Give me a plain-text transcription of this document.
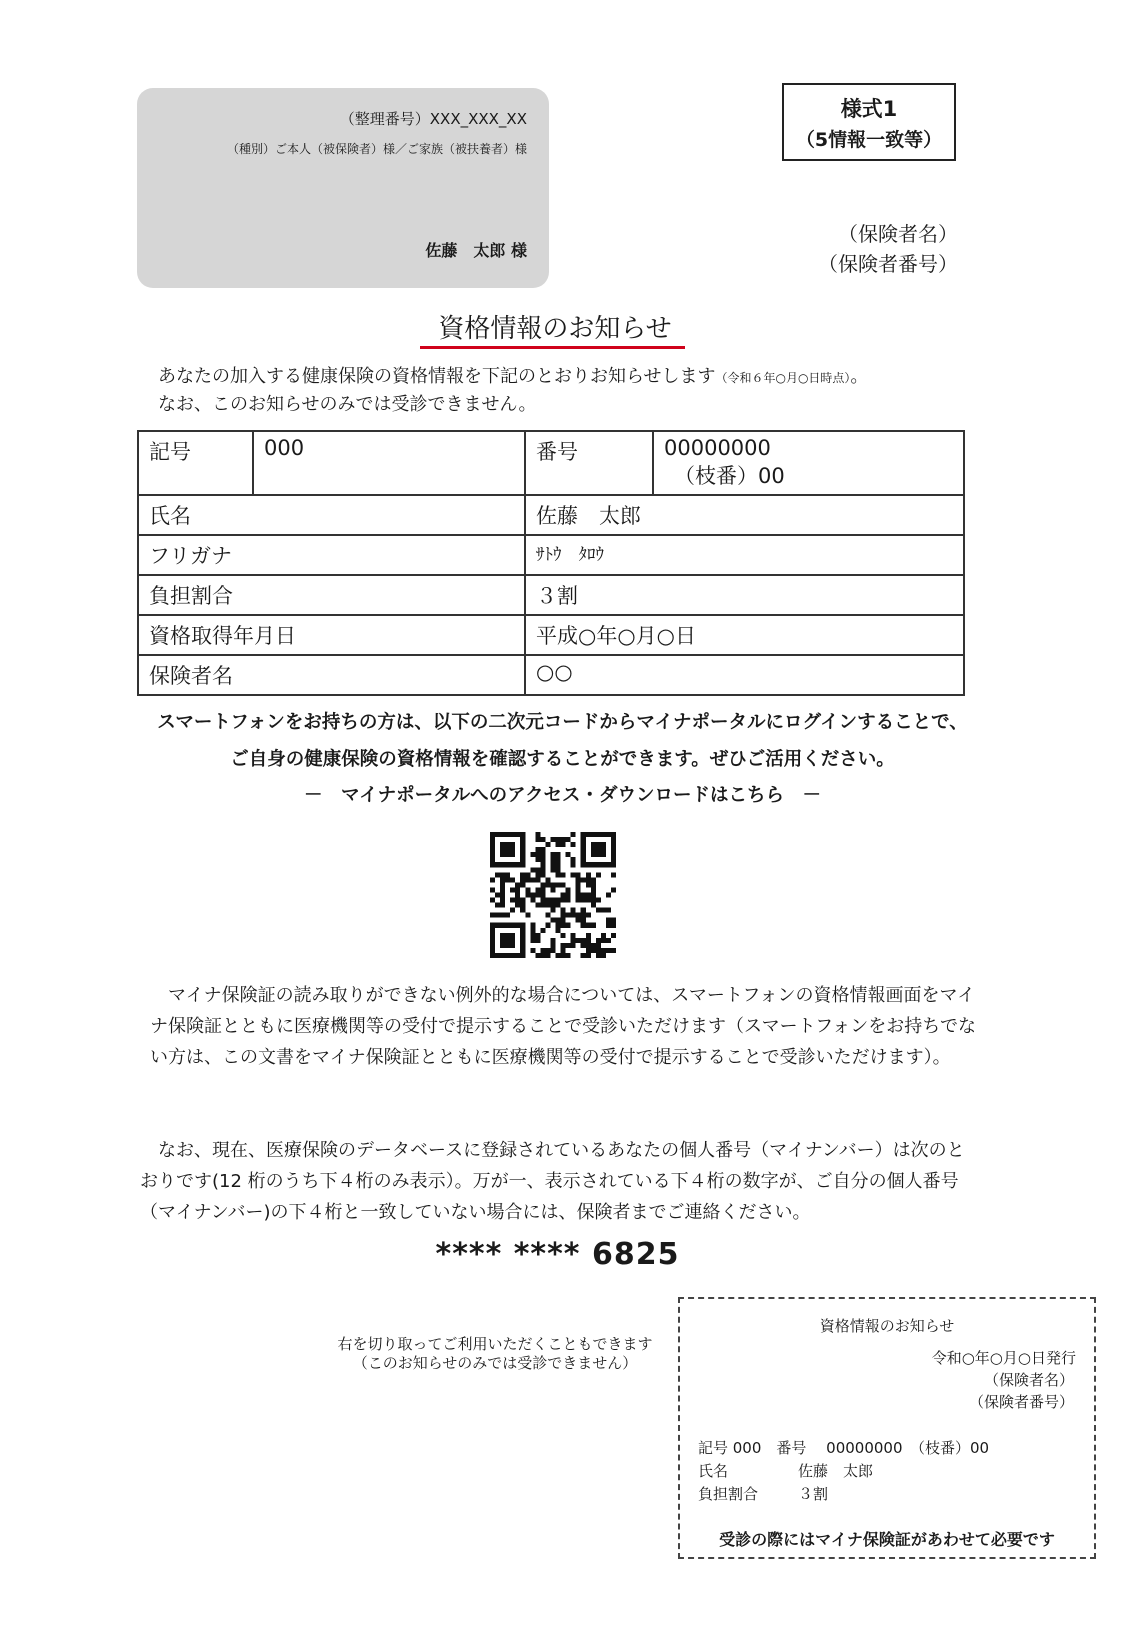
（整理番号）XXX_XXX_XX
（種別）ご本人（被保険者）様／ご家族（被扶養者）様
佐藤　太郎 様
様式1
（5情報一致等）
（保険者名）
（保険者番号）
資格情報のお知らせ
あなたの加入する健康保険の資格情報を下記のとおりお知らせします（令和６年○月○日時点）。
なお、このお知らせのみでは受診できません。
記号	000	番号	00000000
（枝番）00

氏名		佐藤　太郎	
フリガナ		ｻﾄｳ　ﾀﾛｳ	
負担割合		３割	
資格取得年月日		平成○年○月○日	
保険者名		○○	
スマートフォンをお持ちの方は、以下の二次元コードからマイナポータルにログインすることで、
ご自身の健康保険の資格情報を確認することができます。ぜひご活用ください。
－　マイナポータルへのアクセス・ダウンロードはこちら　－

マイナ保険証の読み取りができない例外的な場合については、スマートフォンの資格情報画面をマイナ保険証とともに医療機関等の受付で提示することで受診いただけます（スマートフォンをお持ちでない方は、この文書をマイナ保険証とともに医療機関等の受付で提示することで受診いただけます）。

なお、現在、医療保険のデータベースに登録されているあなたの個人番号（マイナンバー）は次のとおりです(12 桁のうち下４桁のみ表示）。万が一、表示されている下４桁の数字が、ご自分の個人番号（マイナンバー)の下４桁と一致していない場合には、保険者までご連絡ください。

**** **** 6825
右を切り取ってご利用いただくこともできます
（このお知らせのみでは受診できません）
資格情報のお知らせ
令和○年○月○日発行
（保険者名）
（保険者番号）
記号 000　番号　 00000000　（枝番）00
氏名	佐藤　太郎
負担割合	３割
受診の際にはマイナ保険証があわせて必要です
